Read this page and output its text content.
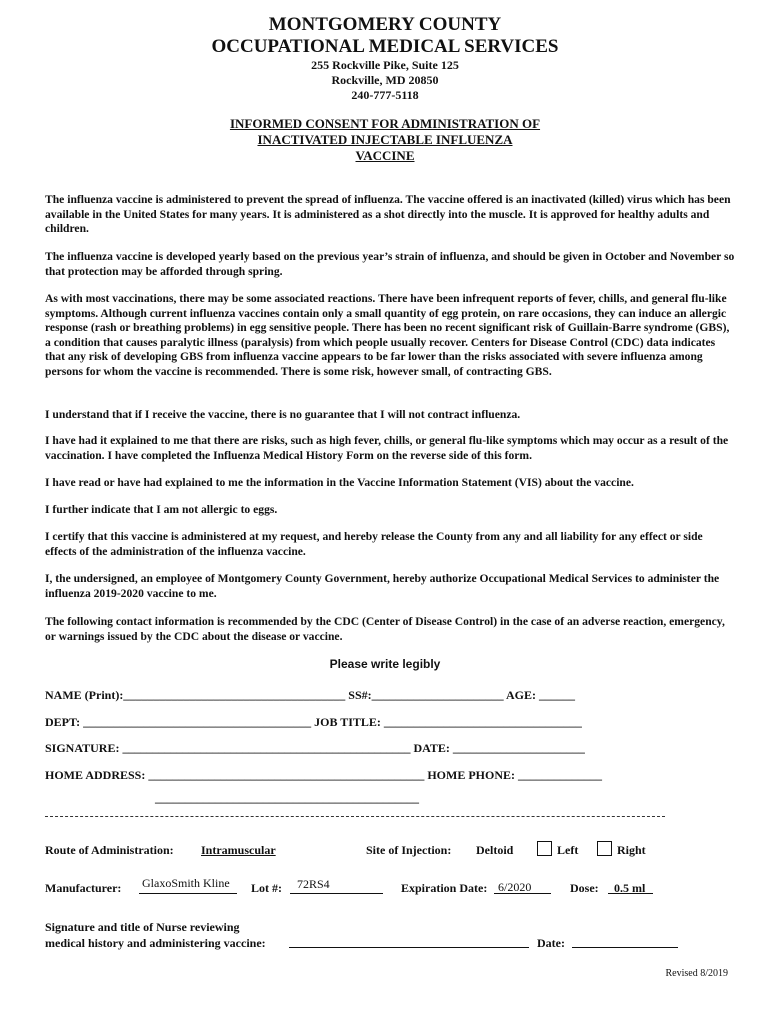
MONTGOMERY COUNTY
OCCUPATIONAL MEDICAL SERVICES
255 Rockville Pike, Suite 125
Rockville, MD 20850
240-777-5118
INFORMED CONSENT FOR ADMINISTRATION OF
INACTIVATED INJECTABLE INFLUENZA
VACCINE
The influenza vaccine is administered to prevent the spread of influenza. The vaccine offered is an inactivated (killed) virus which has been available in the United States for many years. It is administered as a shot directly into the muscle. It is approved for healthy adults and children.
The influenza vaccine is developed yearly based on the previous year’s strain of influenza, and should be given in October and November so that protection may be afforded through spring.
As with most vaccinations, there may be some associated reactions. There have been infrequent reports of fever, chills, and general flu-like symptoms. Although current influenza vaccines contain only a small quantity of egg protein, on rare occasions, they can induce an allergic response (rash or breathing problems) in egg sensitive people. There has been no recent significant risk of Guillain-Barre syndrome (GBS), a condition that causes paralytic illness (paralysis) from which people usually recover. Centers for Disease Control (CDC) data indicates that any risk of developing GBS from influenza vaccine appears to be far lower than the risks associated with severe influenza among persons for whom the vaccine is recommended. There is some risk, however small, of contracting GBS.
I understand that if I receive the vaccine, there is no guarantee that I will not contract influenza.
I have had it explained to me that there are risks, such as high fever, chills, or general flu-like symptoms which may occur as a result of the vaccination. I have completed the Influenza Medical History Form on the reverse side of this form.
I have read or have had explained to me the information in the Vaccine Information Statement (VIS) about the vaccine.
I further indicate that I am not allergic to eggs.
I certify that this vaccine is administered at my request, and hereby release the County from any and all liability for any effect or side effects of the administration of the influenza vaccine.
I, the undersigned, an employee of Montgomery County Government, hereby authorize Occupational Medical Services to administer the influenza 2019-2020 vaccine to me.
The following contact information is recommended by the CDC (Center of Disease Control) in the case of an adverse reaction, emergency, or warnings issued by the CDC about the disease or vaccine.
Please write legibly
NAME (Print):_____________________________________ SS#:______________________ AGE: ______
DEPT: ______________________________________ JOB TITLE: _________________________________
SIGNATURE: ________________________________________________ DATE: ______________________
HOME ADDRESS: ______________________________________________ HOME PHONE: ______________
____________________________________________
Route of Administration: Intramuscular	Site of Injection: Deltoid	Left	Right
Manufacturer: GlaxoSmith Kline Lot #: 72RS4	Expiration Date: 6/2020	Dose: 0.5 ml
Signature and title of Nurse reviewing
medical history and administering vaccine:	Date:
Revised 8/2019
